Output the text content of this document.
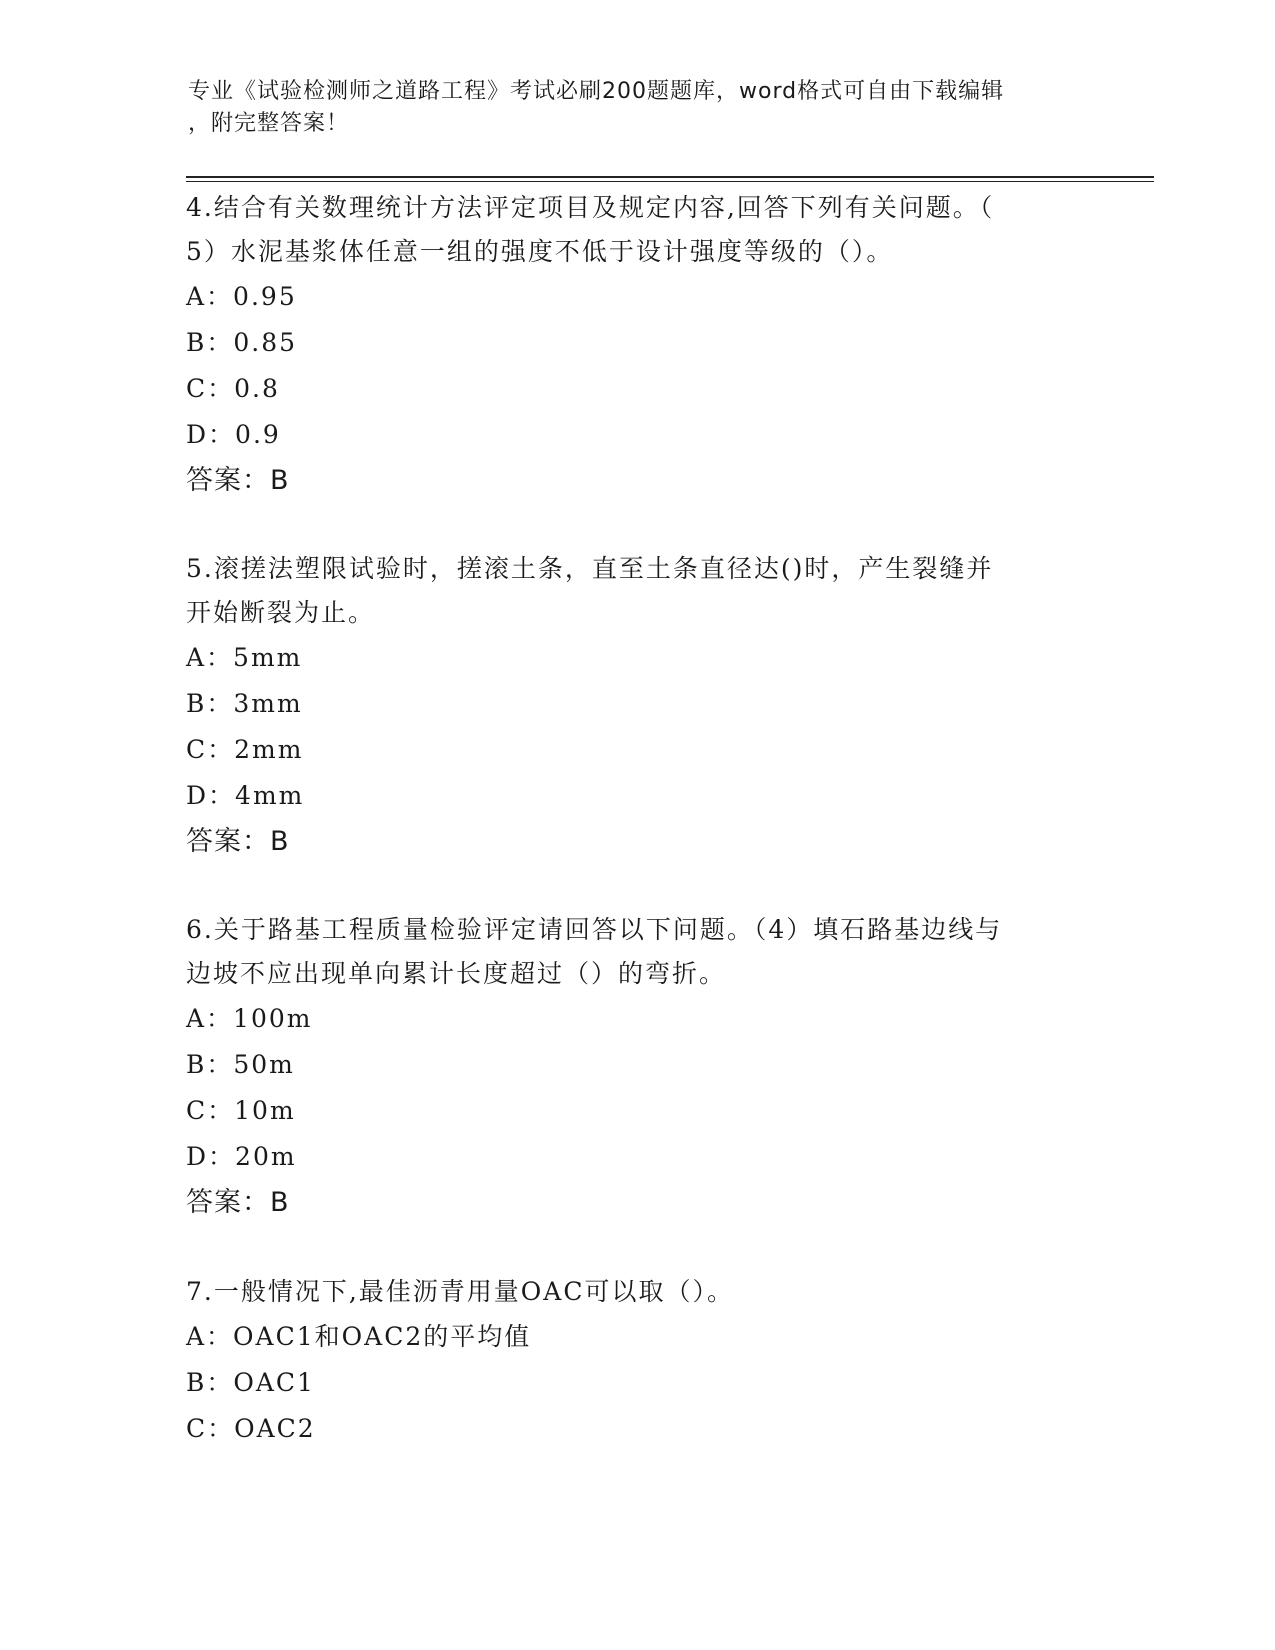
专业《试验检测师之道路工程》考试必刷200题题库，word格式可自由下载编辑
，附完整答案！

4.结合有关数理统计方法评定项目及规定内容,回答下列有关问题。（

5）水泥基浆体任意一组的强度不低于设计强度等级的（）。

A：0.95

B：0.85

C：0.8

D：0.9

答案：B

5.滚搓法塑限试验时，搓滚土条，直至土条直径达()时，产生裂缝并

开始断裂为止。

A：5mm

B：3mm

C：2mm

D：4mm

答案：B

6.关于路基工程质量检验评定请回答以下问题。（4）填石路基边线与

边坡不应出现单向累计长度超过（）的弯折。

A：100m

B：50m

C：10m

D：20m

答案：B

7.一般情况下,最佳沥青用量OAC可以取（）。

A：OAC1和OAC2的平均值

B：OAC1

C：OAC2
